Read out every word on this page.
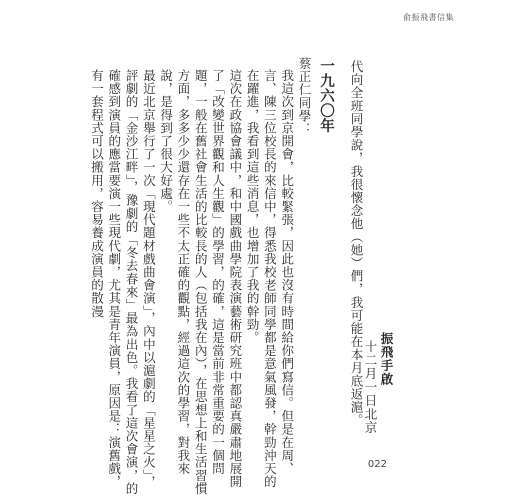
俞振飛書信集
代向全班同學說，我很懷念他（她）們，我可能在本月底返滬。	振飛手啟
十二月一日北京
一九六〇年

蔡正仁同學：

我這次到京開會，比較緊張，因此也沒有時間給你們寫信。但是在周、言、陳三位校長的來信中，得悉我校老師同學都是意氣風發，幹勁沖天的在躍進，我看到這些消息，也增加了我的幹勁。

這次在政協會議中，和中國戲曲學院表演藝術研究班中都認真嚴肅地展開了「改變世界觀和人生觀」的學習，的確，這是當前非常重要的一個問題，一般在舊社會生活的比較長的人（包括我在內），在思想上和生活習慣方面，多多少少還存在一些不太正確的觀點，經過這次的學習，對我來說，是得到了很大好處。

最近北京舉行了一次「現代題材戲曲會演」，內中以滬劇的「星星之火」，評劇的「金沙江畔」，豫劇的「冬去春來」最為出色。我看了這次會演，的確感到演員的應當要演一些現代劇，尤其是青年演員，原因是：演舊戲，有一套程式可以搬用，容易養成演員的散漫

022
